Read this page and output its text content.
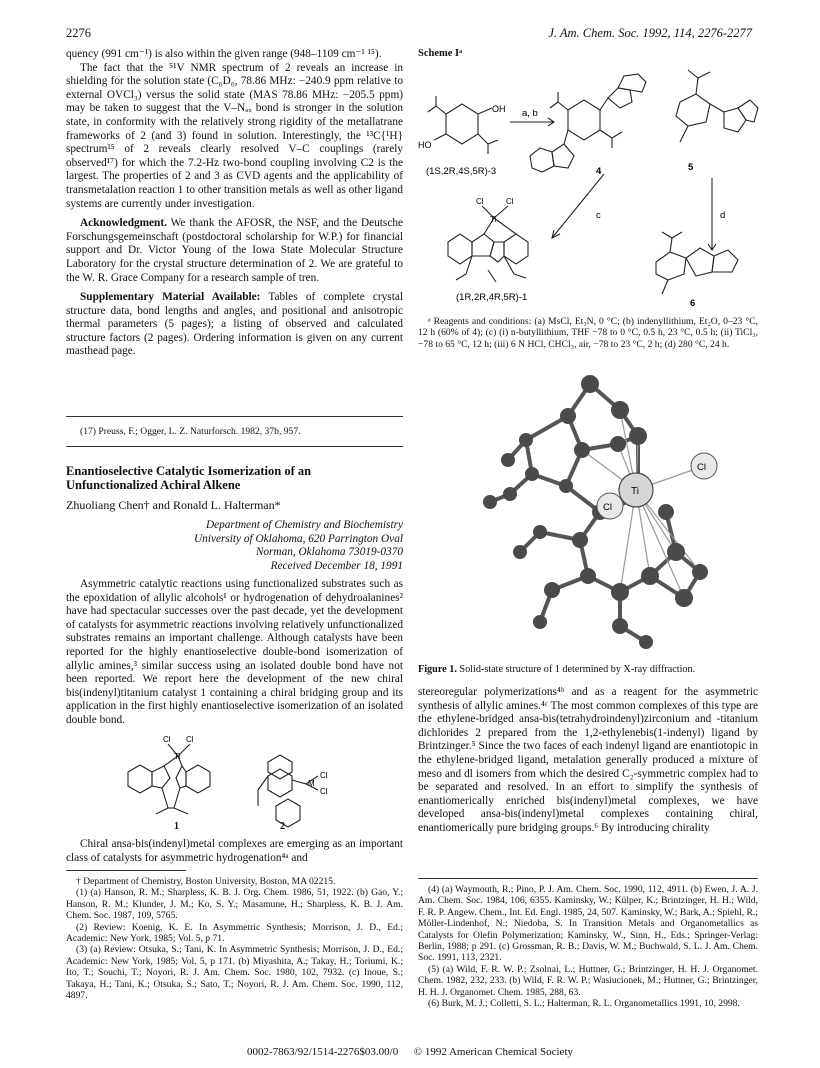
2276	J. Am. Chem. Soc. 1992, 114, 2276-2277

quency (991 cm⁻¹) is also within the given range (948–1109 cm⁻¹ ¹⁵).

The fact that the ⁵¹V NMR spectrum of 2 reveals an increase in shielding for the solution state (C₆D₆, 78.86 MHz: −240.9 ppm relative to external OVCl₃) versus the solid state (MAS 78.86 MHz: −205.5 ppm) may be taken to suggest that the V–Nₐₓ bond is stronger in the solution state, in conformity with the relatively strong rigidity of the metallatrane frameworks of 2 (and 3) found in solution. Interestingly, the ¹³C{¹H} spectrum¹⁵ of 2 reveals clearly resolved V–C couplings (rarely observed¹⁷) for which the 7.2-Hz two-bond coupling involving C2 is the largest. The properties of 2 and 3 as CVD agents and the applicability of transmetalation reaction 1 to other transition metals as well as other ligand systems are currently under investigation.

Acknowledgment. We thank the AFOSR, the NSF, and the Deutsche Forschungsgemeinschaft (postdoctoral scholarship for W.P.) for financial support and Dr. Victor Young of the Iowa State Molecular Structure Laboratory for the crystal structure determination of 2. We are grateful to the W. R. Grace Company for a research sample of tren.

Supplementary Material Available: Tables of complete crystal structure data, bond lengths and angles, and positional and anisotropic thermal parameters (5 pages); a listing of observed and calculated structure factors (2 pages). Ordering information is given on any current masthead page.

(17) Preuss, F.; Ogger, L. Z. Naturforsch. 1982, 37b, 957.
Enantioselective Catalytic Isomerization of an Unfunctionalized Achiral Alkene
Zhuoliang Chen† and Ronald L. Halterman*
Department of Chemistry and Biochemistry
University of Oklahoma, 620 Parrington Oval
Norman, Oklahoma 73019-0370
Received December 18, 1991

Asymmetric catalytic reactions using functionalized substrates such as the epoxidation of allylic alcohols¹ or hydrogenation of dehydroalanines² have had spectacular successes over the past decade, yet the development of catalysts for asymmetric reactions involving relatively unfunctionalized substrates remains an important challenge. Although catalysts have been reported for the highly enantioselective double-bond isomerization of allylic amines,³ similar success using an isolated double bond have not been reported. We report here the development of the new chiral bis(indenyl)titanium catalyst 1 containing a chiral bridging group and its application in the first highly enantioselective isomerization of an isolated double bond.

Cl Cl
Ti
M
Cl
Cl
1	2

Chiral ansa-bis(indenyl)metal complexes are emerging as an important class of catalysts for asymmetric hydrogenation⁴ᵃ and

† Department of Chemistry, Boston University, Boston, MA 02215.

(1) (a) Hanson, R. M.; Sharpless, K. B. J. Org. Chem. 1986, 51, 1922. (b) Gao, Y.; Hanson, R. M.; Klunder, J. M.; Ko, S. Y.; Masamune, H.; Sharpless, K. B. J. Am. Chem. Soc. 1987, 109, 5765.

(2) Review: Koenig, K. E. In Asymmetric Synthesis; Morrison, J. D., Ed.; Academic: New York, 1985; Vol. 5, p 71.

(3) (a) Review: Otsuka, S.; Tani, K. In Asymmetric Synthesis; Morrison, J. D., Ed.; Academic: New York, 1985; Vol. 5, p 171. (b) Miyashita, A.; Takay, H.; Toriumi, K.; Ito, T.; Souchi, T.; Noyori, R. J. Am. Chem. Soc. 1980, 102, 7932. (c) Inoue, S.; Takaya, H.; Tani, K.; Otsuka, S.; Sato, T.; Noyori, R. J. Am. Chem. Soc. 1990, 112, 4897.

Scheme Iᵃ
OH
HO
a, b
(1S,2R,4S,5R)-3	4	5
c	d
Cl	Cl
Ti
(1R,2R,4R,5R)-1
6

ᵃ Reagents and conditions: (a) MsCl, Et₃N, 0 °C; (b) indenyllithium, Et₂O, 0–23 °C, 12 h (60% of 4); (c) (i) n-butyllithium, THF −78 to 0 °C, 0.5 h, 23 °C, 0.5 h; (ii) TiCl₃, −78 to 65 °C, 12 h; (iii) 6 N HCl, CHCl₃, air, −78 to 23 °C, 2 h; (d) 280 °C, 24 h.

Cl
Cl
Ti

Figure 1. Solid-state structure of 1 determined by X-ray diffraction.

stereoregular polymerizations⁴ᵇ and as a reagent for the asymmetric synthesis of allylic amines.⁴ᶜ The most common complexes of this type are the ethylene-bridged ansa-bis(tetrahydroindenyl)zirconium and -titanium dichlorides 2 prepared from the 1,2-ethylenebis(1-indenyl) ligand by Brintzinger.⁵ Since the two faces of each indenyl ligand are enantiotopic in the ethylene-bridged ligand, metalation generally produced a mixture of meso and dl isomers from which the desired C₂-symmetric complex had to be separated and resolved. In an effort to simplify the synthesis of enantiomerically enriched bis(indenyl)metal complexes, we have developed ansa-bis(indenyl)metal complexes containing chiral, enantiomerically pure bridging groups.⁶ By introducing chirality

(4) (a) Waymouth, R.; Pino, P. J. Am. Chem. Soc. 1990, 112, 4911. (b) Ewen, J. A. J. Am. Chem. Soc. 1984, 106, 6355. Kaminsky, W.; Külper, K.; Brintzinger, H. H.; Wild, F. R. P. Angew. Chem., Int. Ed. Engl. 1985, 24, 507. Kaminsky, W.; Bark, A.; Spiehl, R.; Möller-Lindenhof, N.; Niedoba, S. In Transition Metals and Organometallics as Catalysts for Olefin Polymerization; Kaminsky, W., Sinn, H., Eds.; Springer-Verlag: Berlin, 1988; p 291. (c) Grossman, R. B.; Davis, W. M.; Buchwald, S. L. J. Am. Chem. Soc. 1991, 113, 2321.

(5) (a) Wild, F. R. W. P.; Zsolnai, L.; Huttner, G.; Brintzinger, H. H. J. Organomet. Chem. 1982, 232, 233. (b) Wild, F. R. W. P.; Wasiucionek, M.; Huttner, G.; Brintzinger, H. H. J. Organomet. Chem. 1985, 288, 63.

(6) Burk, M. J.; Colletti, S. L.; Halterman, R. L. Organometallics 1991, 10, 2998.

0002-7863/92/1514-2276$03.00/0 © 1992 American Chemical Society
